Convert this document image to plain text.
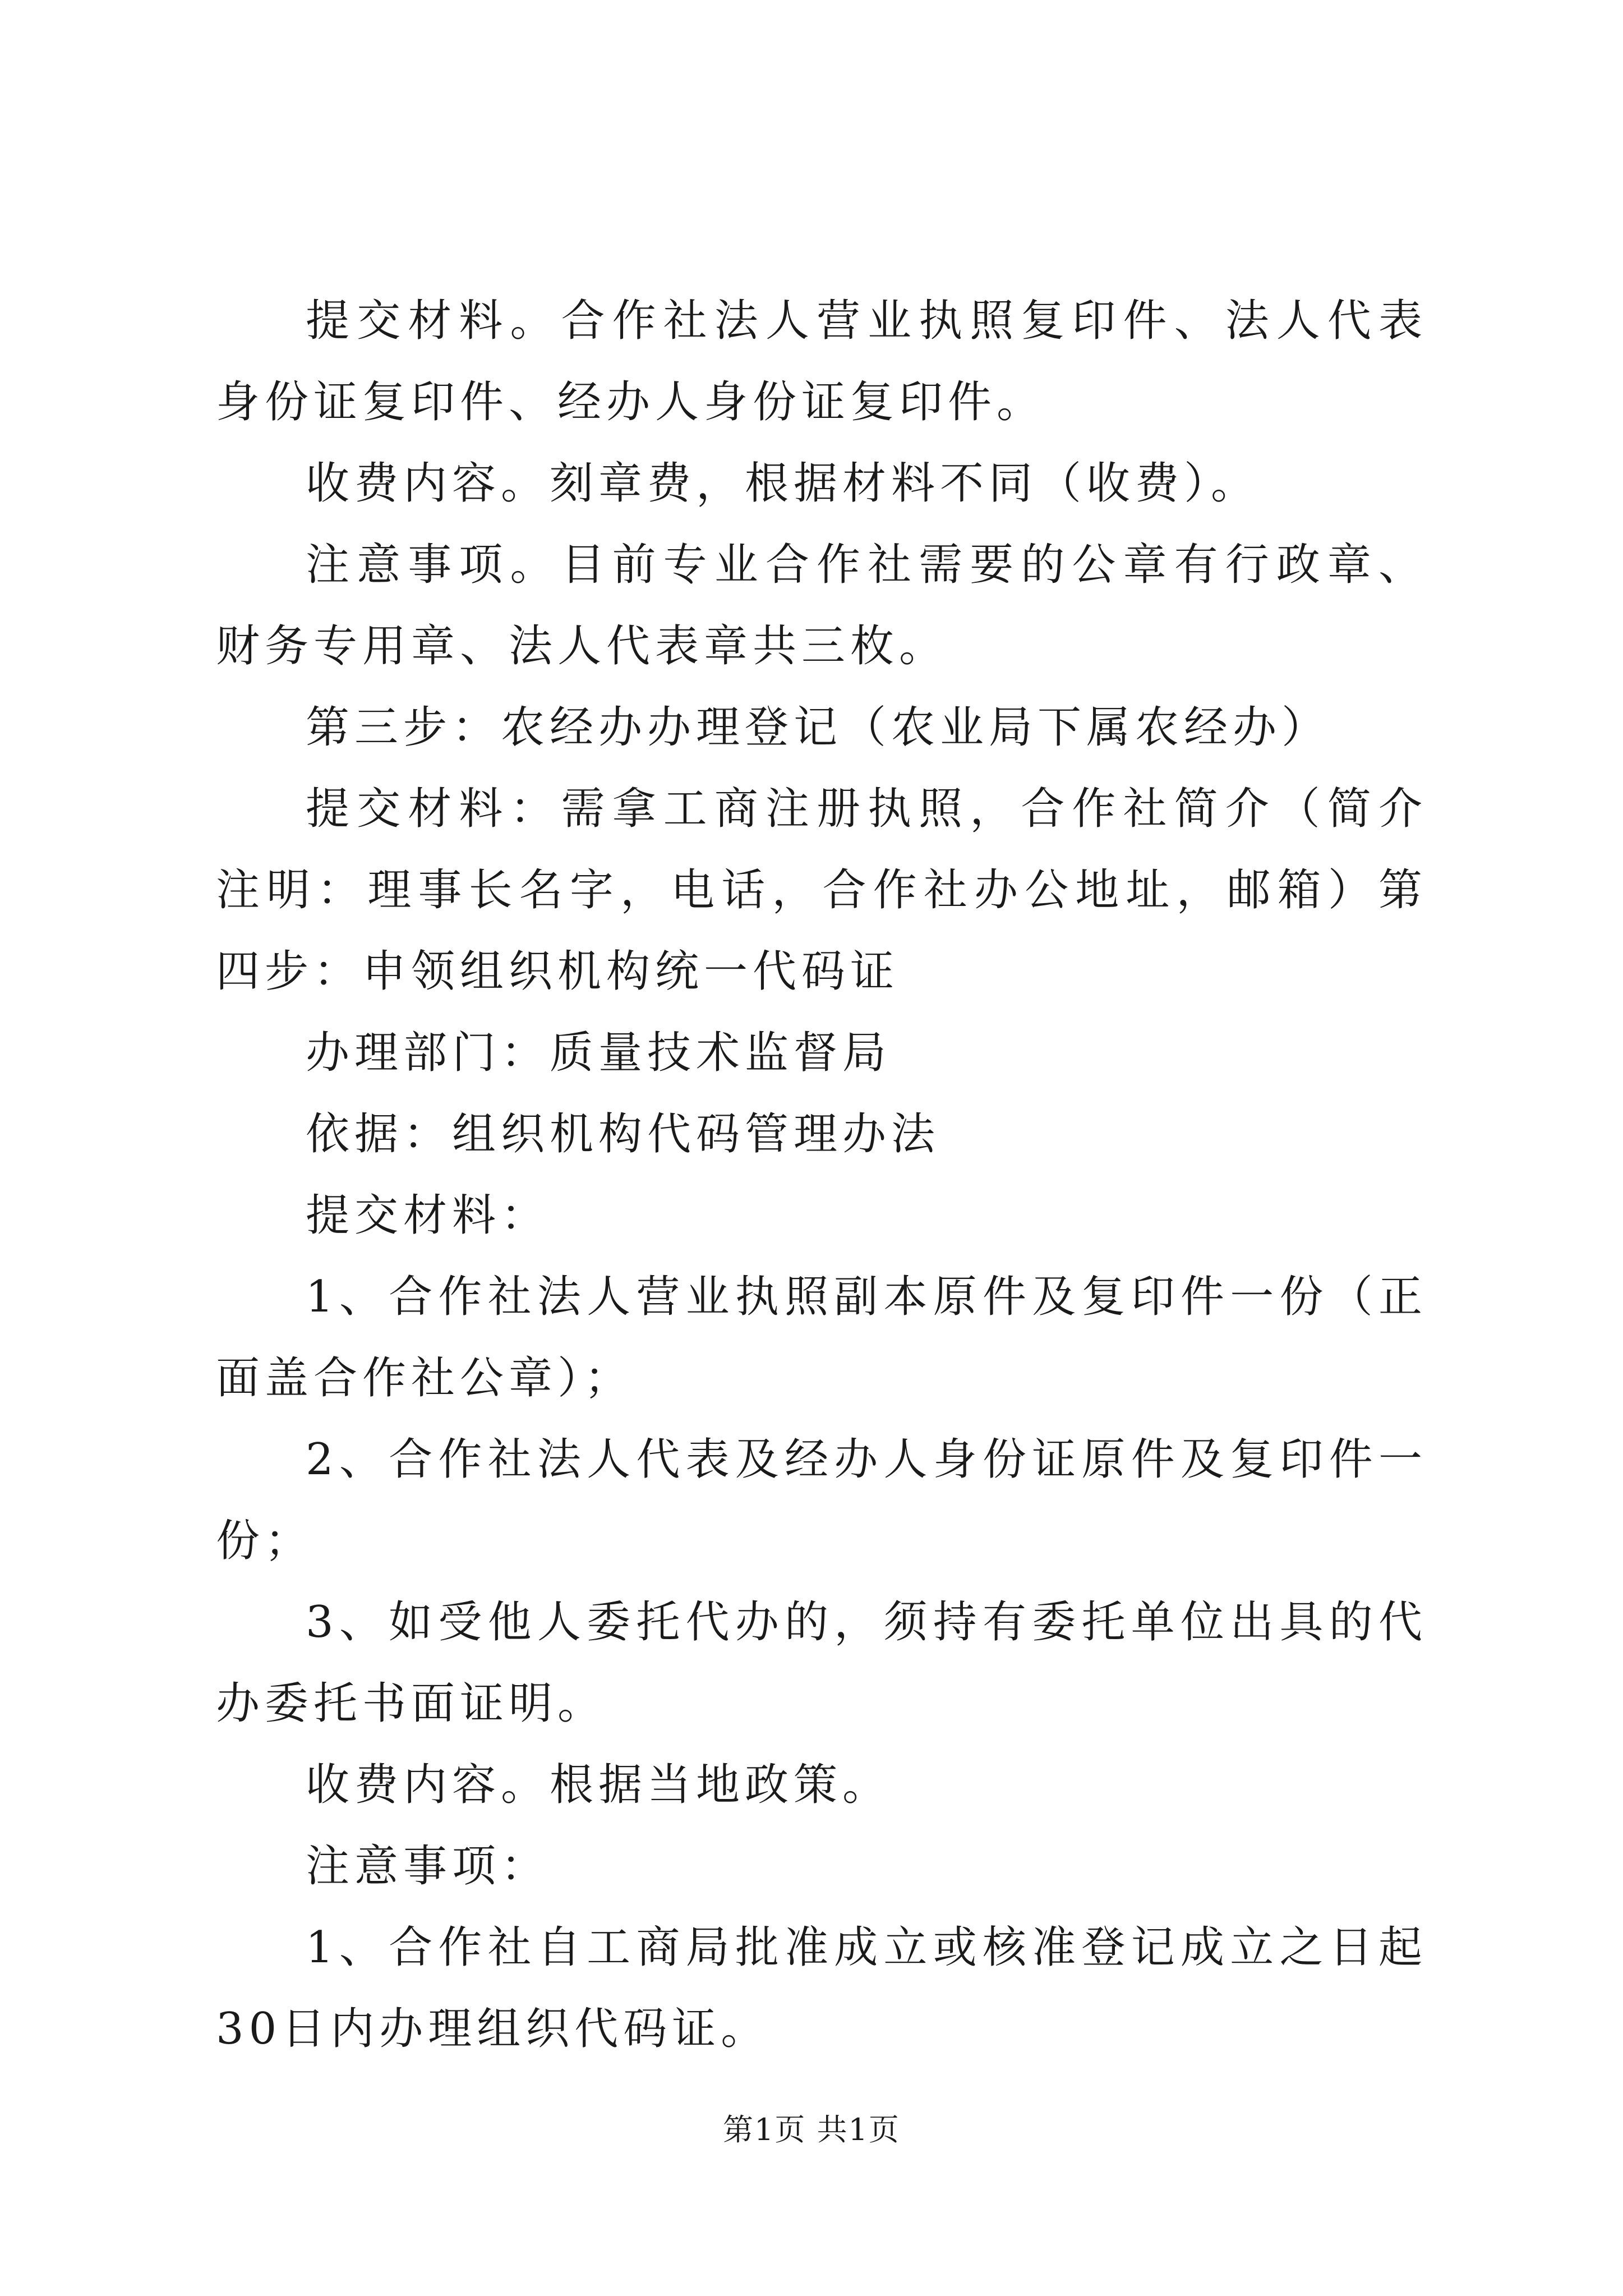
提交材料。合作社法人营业执照复印件、法人代表身份证复印件、经办人身份证复印件。

收费内容。刻章费，根据材料不同（收费）。

注意事项。目前专业合作社需要的公章有行政章、财务专用章、法人代表章共三枚。

第三步：农经办办理登记（农业局下属农经办）

提交材料：需拿工商注册执照，合作社简介（简介注明：理事长名字，电话，合作社办公地址，邮箱）第四步：申领组织机构统一代码证

办理部门：质量技术监督局

依据：组织机构代码管理办法

提交材料：

1、合作社法人营业执照副本原件及复印件一份（正面盖合作社公章）；

2、合作社法人代表及经办人身份证原件及复印件一份；

3、如受他人委托代办的，须持有委托单位出具的代办委托书面证明。

收费内容。根据当地政策。

注意事项：

1、合作社自工商局批准成立或核准登记成立之日起30日内办理组织代码证。

第1页 共1页
